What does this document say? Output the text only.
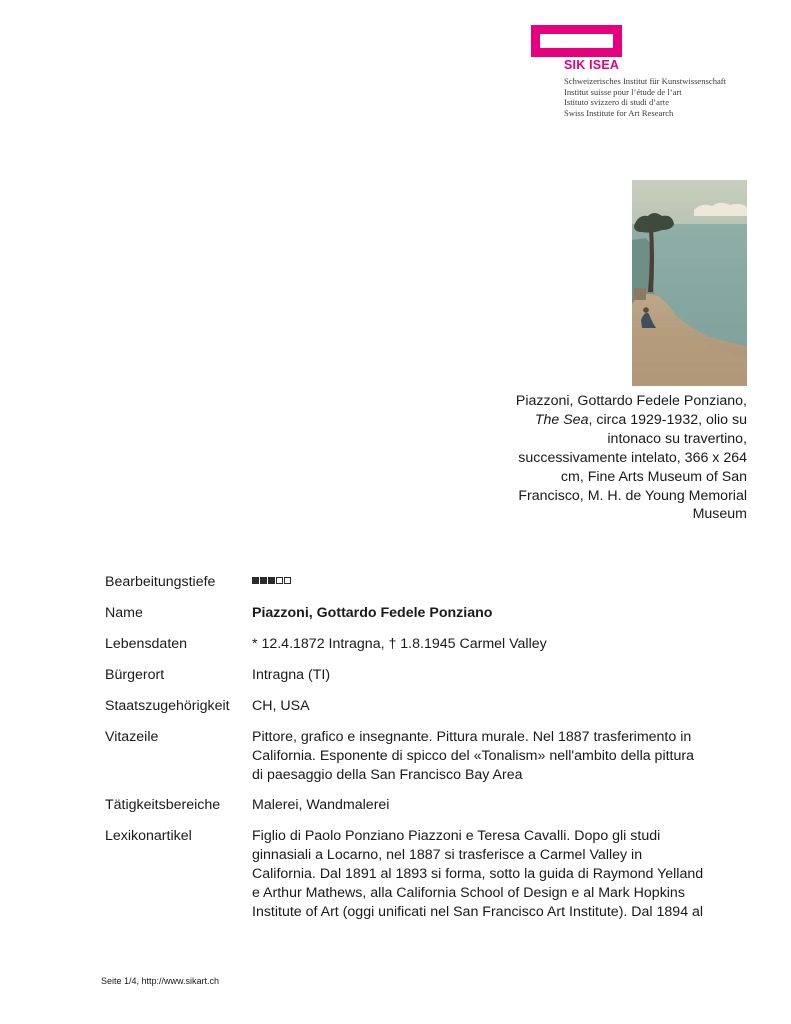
SIK ISEA
Schweizerisches Institut für Kunstwissenschaft
Institut suisse pour l’étude de l’art
Istituto svizzero di studi d’arte
Swiss Institute for Art Research
Piazzoni, Gottardo Fedele Ponziano,
The Sea, circa 1929-1932, olio su
intonaco su travertino,
successivamente intelato, 366 x 264
cm, Fine Arts Museum of San
Francisco, M. H. de Young Memorial
Museum
Bearbeitungstiefe
Name	Piazzoni, Gottardo Fedele Ponziano
Lebensdaten	* 12.4.1872 Intragna, † 1.8.1945 Carmel Valley
Bürgerort	Intragna (TI)
Staatszugehörigkeit	CH, USA
Vitazeile	Pittore, grafico e insegnante. Pittura murale. Nel 1887 trasferimento in
California. Esponente di spicco del «Tonalism» nell'ambito della pittura
di paesaggio della San Francisco Bay Area
Tätigkeitsbereiche	Malerei, Wandmalerei
Lexikonartikel	Figlio di Paolo Ponziano Piazzoni e Teresa Cavalli. Dopo gli studi
ginnasiali a Locarno, nel 1887 si trasferisce a Carmel Valley in
California. Dal 1891 al 1893 si forma, sotto la guida di Raymond Yelland
e Arthur Mathews, alla California School of Design e al Mark Hopkins
Institute of Art (oggi unificati nel San Francisco Art Institute). Dal 1894 al
Seite 1/4, http://www.sikart.ch
